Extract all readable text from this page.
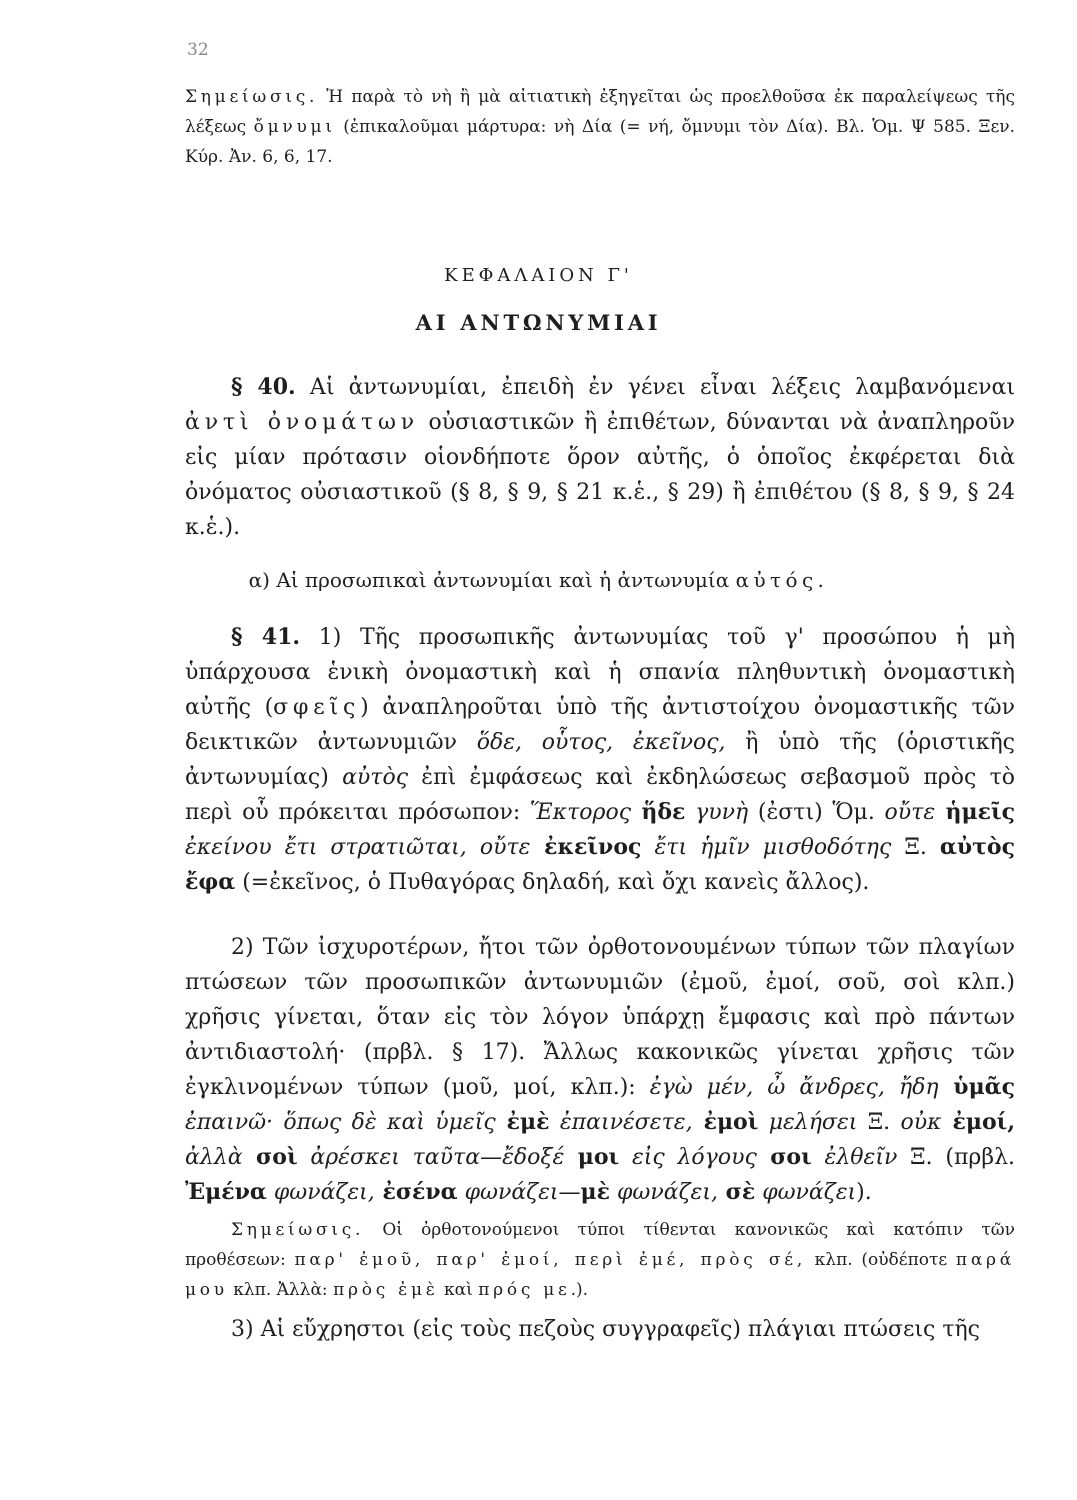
32
Σημείωσις. Ἡ παρὰ τὸ νὴ ἢ μὰ αἰτιατικὴ ἐξηγεῖται ὡς προελθοῦσα ἐκ παραλείψεως τῆς λέξεως ὄμνυμι (ἐπικαλοῦμαι μάρτυρα: νὴ Δία (= νή, ὄμνυμι τὸν Δία). Βλ. Ὁμ. Ψ 585. Ξεν. Κύρ. Ἀν. 6, 6, 17.
ΚΕΦΑΛΑΙΟΝ Γ'
ΑΙ ΑΝΤΩΝΥΜΙΑΙ
§ 40. Αἱ ἀντωνυμίαι, ἐπειδὴ ἐν γένει εἶναι λέξεις λαμβανόμεναι ἀντὶ ὀνομάτων οὐσιαστικῶν ἢ ἐπιθέτων, δύνανται νὰ ἀναπληροῦν εἰς μίαν πρότασιν οἱονδήποτε ὅρον αὐτῆς, ὁ ὁποῖος ἐκφέρεται διὰ ὀνόματος οὐσιαστικοῦ (§ 8, § 9, § 21 κ.ἑ., § 29) ἢ ἐπιθέτου (§ 8, § 9, § 24 κ.ἑ.).
α) Αἱ προσωπικαὶ ἀντωνυμίαι καὶ ἡ ἀντωνυμία αὐτός.
§ 41. 1) Τῆς προσωπικῆς ἀντωνυμίας τοῦ γ' προσώπου ἡ μὴ ὑπάρχουσα ἑνικὴ ὀνομαστικὴ καὶ ἡ σπανία πληθυντικὴ ὀνομαστικὴ αὐτῆς (σφεῖς) ἀναπληροῦται ὑπὸ τῆς ἀντιστοίχου ὀνομαστικῆς τῶν δεικτικῶν ἀντωνυμιῶν ὅδε, οὗτος, ἐκεῖνος, ἢ ὑπὸ τῆς (ὁριστικῆς ἀντωνυμίας) αὐτὸς ἐπὶ ἐμφάσεως καὶ ἐκδηλώσεως σεβασμοῦ πρὸς τὸ περὶ οὗ πρόκειται πρόσωπον: Ἕκτορος ἥδε γυνὴ (ἐστι) Ὅμ. οὔτε ἡμεῖς ἐκείνου ἔτι στρατιῶται, οὔτε ἐκεῖνος ἔτι ἡμῖν μισθοδότης Ξ. αὐτὸς ἔφα (=ἐκεῖνος, ὁ Πυθαγόρας δηλαδή, καὶ ὄχι κανεὶς ἄλλος).
2) Τῶν ἰσχυροτέρων, ἤτοι τῶν ὀρθοτονουμένων τύπων τῶν πλαγίων πτώσεων τῶν προσωπικῶν ἀντωνυμιῶν (ἐμοῦ, ἐμοί, σοῦ, σοὶ κλπ.) χρῆσις γίνεται, ὅταν εἰς τὸν λόγον ὑπάρχῃ ἔμφασις καὶ πρὸ πάντων ἀντιδιαστολή· (πρβλ. § 17). Ἄλλως κακονικῶς γίνεται χρῆσις τῶν ἐγκλινομένων τύπων (μοῦ, μοί, κλπ.): ἐγὼ μέν, ὦ ἄνδρες, ἤδη ὑμᾶς ἐπαινῶ· ὅπως δὲ καὶ ὑμεῖς ἐμὲ ἐπαινέσετε, ἐμοὶ μελήσει Ξ. οὐκ ἐμοί, ἀλλὰ σοὶ ἀρέσκει ταῦτα—ἔδοξέ μοι εἰς λόγους σοι ἐλθεῖν Ξ. (πρβλ. Ἐμένα φωνάζει, ἐσένα φωνάζει—μὲ φωνάζει, σὲ φωνάζει).
Σημείωσις. Οἱ ὀρθοτονούμενοι τύποι τίθενται κανονικῶς καὶ κατόπιν τῶν προθέσεων: παρ' ἐμοῦ, παρ' ἐμοί, περὶ ἐμέ, πρὸς σέ, κλπ. (οὐδέποτε παρά μου κλπ. Ἀλλὰ: πρὸς ἐμὲ καὶ πρός με.).
3) Αἱ εὔχρηστοι (εἰς τοὺς πεζοὺς συγγραφεῖς) πλάγιαι πτώσεις τῆς
